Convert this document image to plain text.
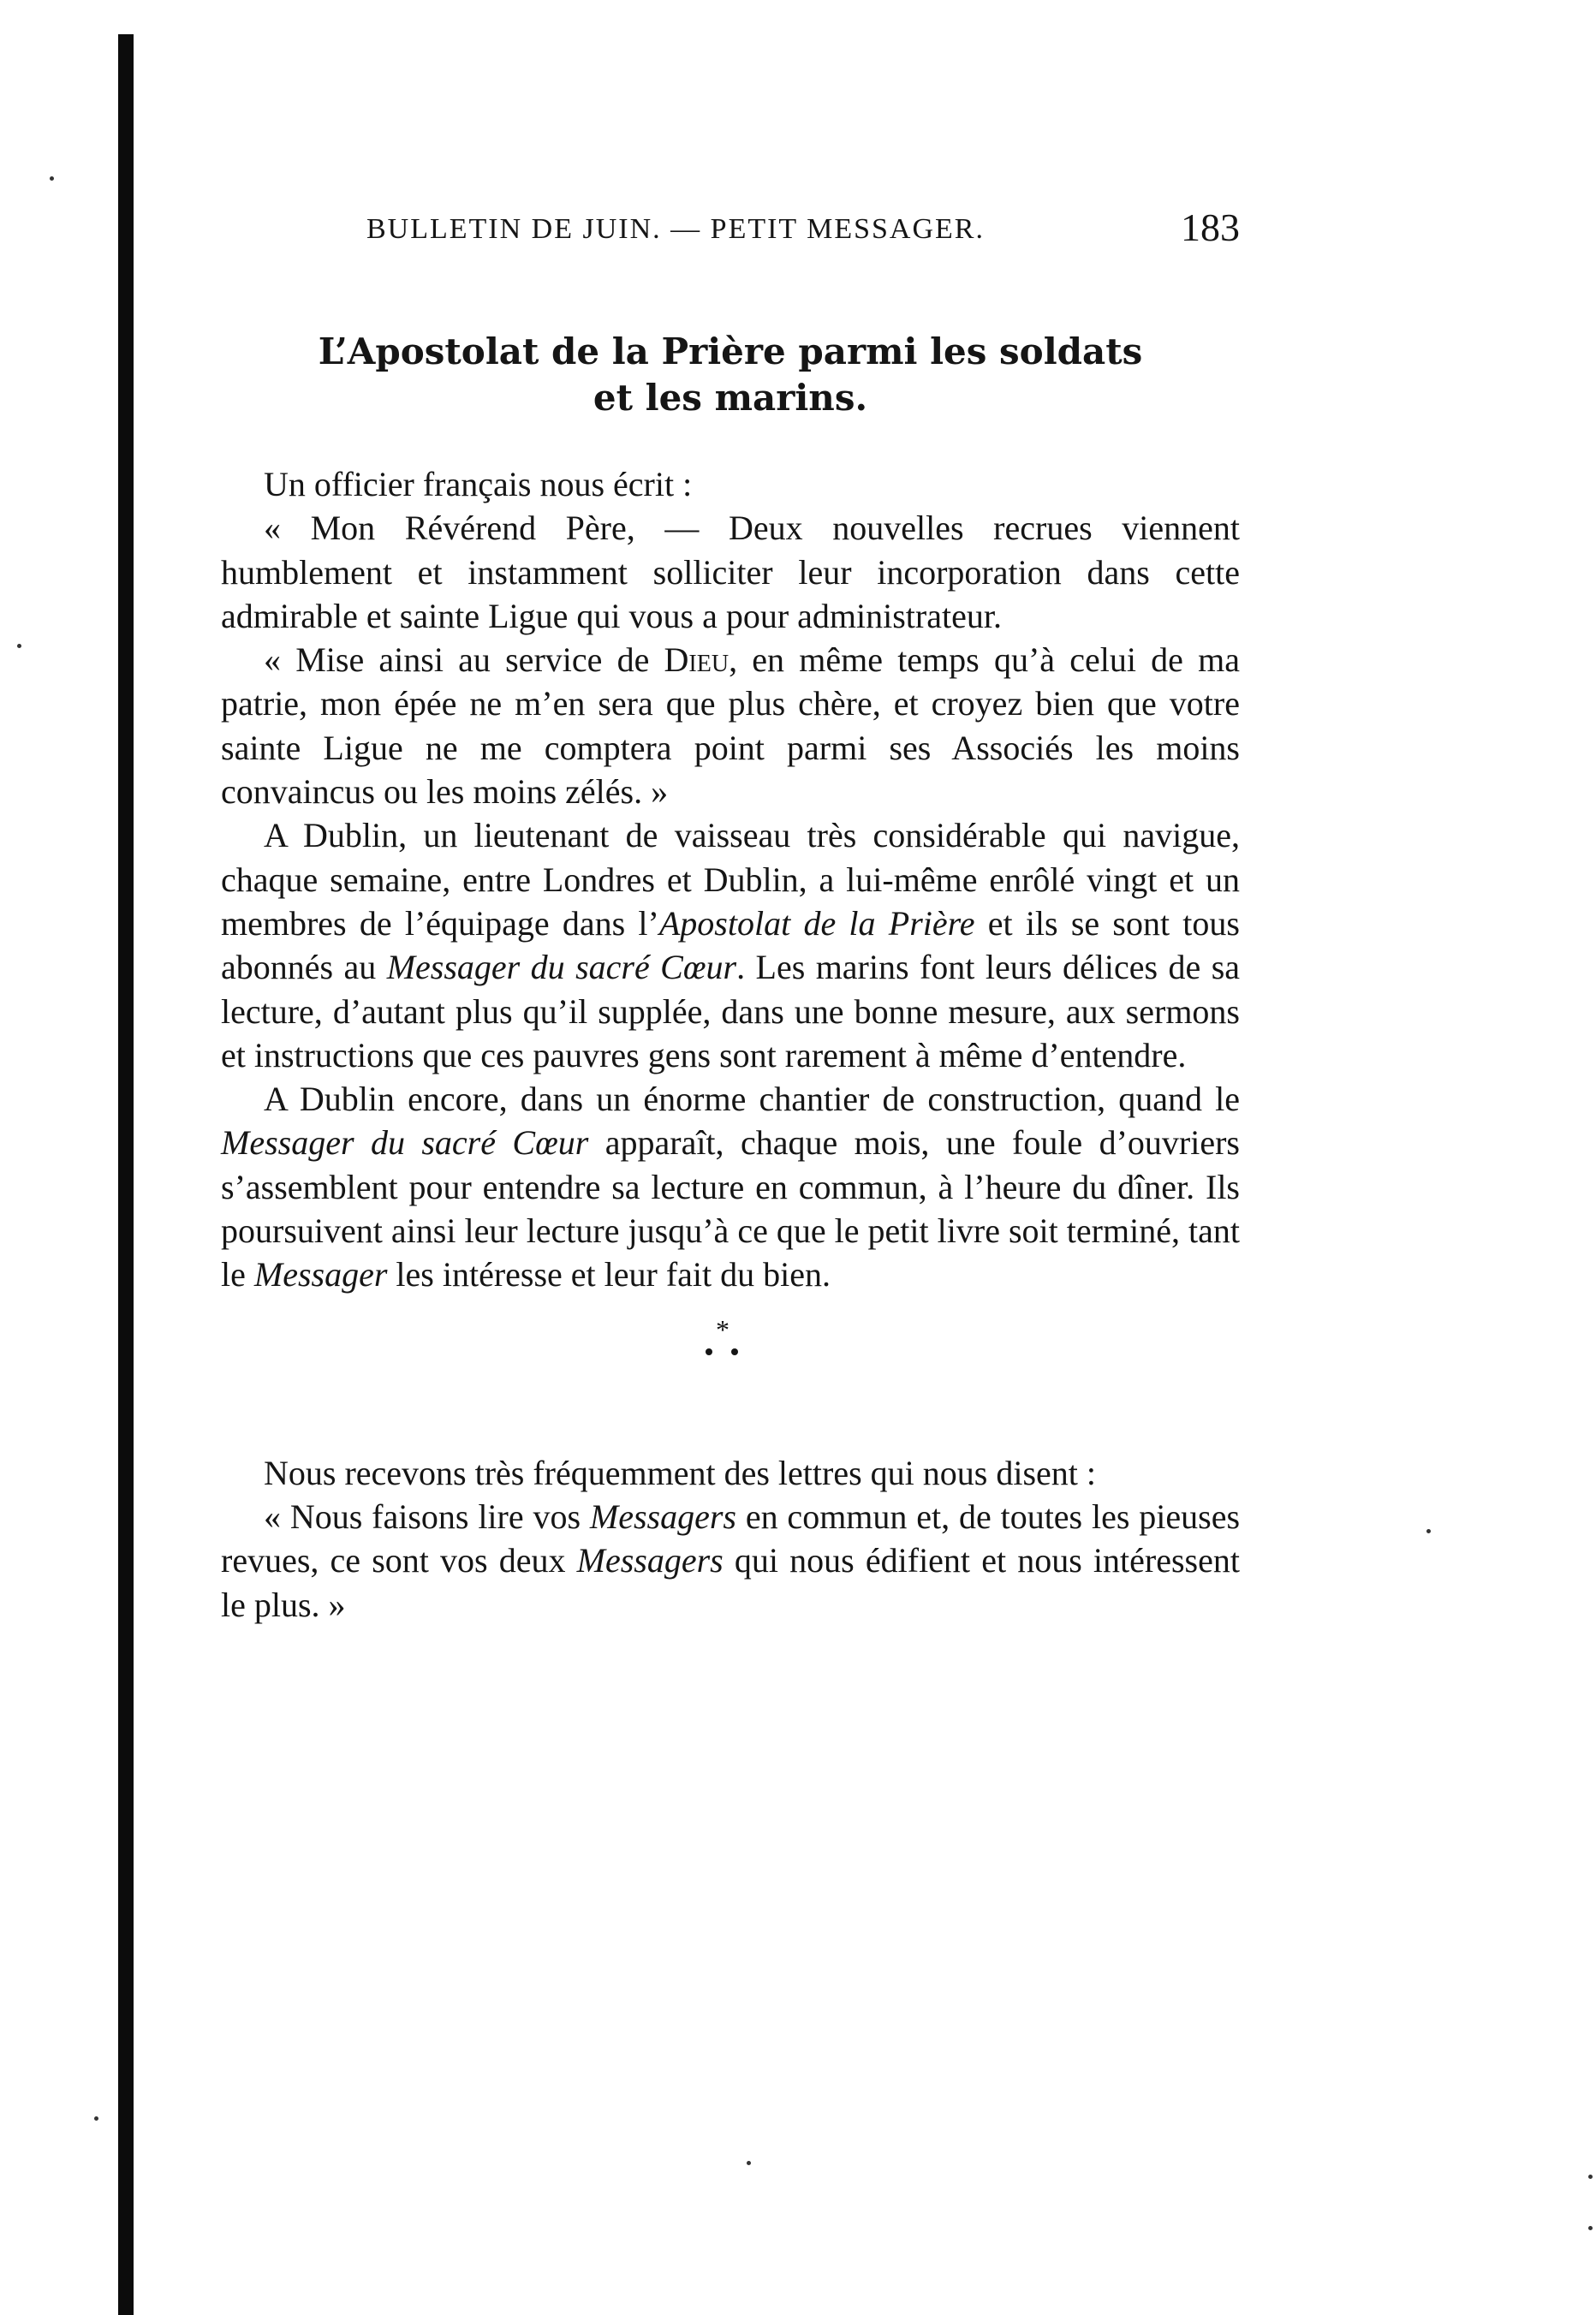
BULLETIN DE JUIN. — PETIT MESSAGER.	183
L’Apostolat de la Prière parmi les soldats
et les marins.

Un officier français nous écrit :

« Mon Révérend Père, — Deux nouvelles recrues viennent humblement et instamment solliciter leur incorporation dans cette admirable et sainte Ligue qui vous a pour administrateur.

« Mise ainsi au service de Dieu, en même temps qu’à celui de ma patrie, mon épée ne m’en sera que plus chère, et croyez bien que votre sainte Ligue ne me comptera point parmi ses Associés les moins convaincus ou les moins zélés. »

A Dublin, un lieutenant de vaisseau très considérable qui navigue, chaque semaine, entre Londres et Dublin, a lui-même enrôlé vingt et un membres de l’équipage dans l’Apostolat de la Prière et ils se sont tous abonnés au Messager du sacré Cœur. Les marins font leurs délices de sa lecture, d’autant plus qu’il supplée, dans une bonne mesure, aux sermons et instructions que ces pauvres gens sont rarement à même d’entendre.

A Dublin encore, dans un énorme chantier de construction, quand le Messager du sacré Cœur apparaît, chaque mois, une foule d’ouvriers s’assemblent pour entendre sa lecture en commun, à l’heure du dîner. Ils poursuivent ainsi leur lecture jusqu’à ce que le petit livre soit terminé, tant le Messager les intéresse et leur fait du bien.

*

Nous recevons très fréquemment des lettres qui nous disent :

« Nous faisons lire vos Messagers en commun et, de toutes les pieuses revues, ce sont vos deux Messagers qui nous édifient et nous intéressent le plus. »
